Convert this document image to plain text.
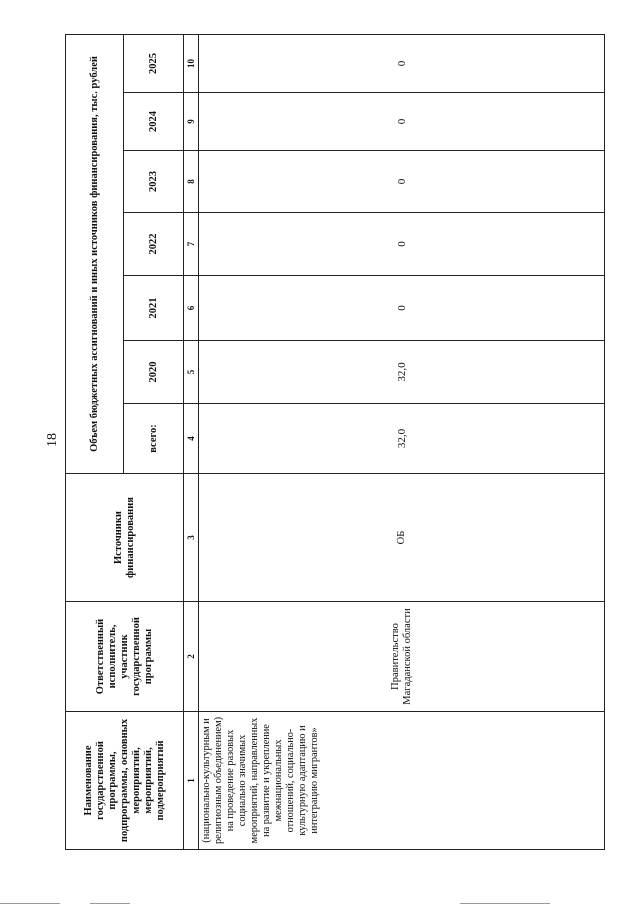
18
Наименование государственной программы, подпрограммы, основных мероприятий, мероприятий, подмероприятий	Ответственный исполнитель, участник государственной программы	Источники финансирования	Объем бюджетных ассигнований и иных источников финансирования, тыс. рублей						
			всего:	2020	2021	2022	2023	2024	2025
1	2	3	4	5	6	7	8	9	10
(национально-культурным и религиозным объединением) на проведение разовых социально значимых мероприятий, направленных на развитие и укрепление межнациональных отношений, социально-культурную адаптацию и интеграцию мигрантов»	Правительство Магаданской области	ОБ	32,0	32,0	0	0	0	0	0
